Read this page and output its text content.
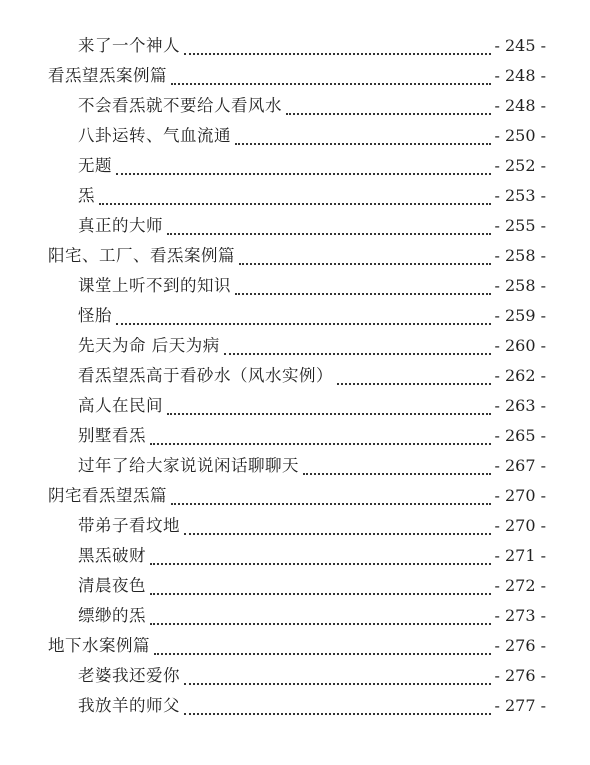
来了一个神人	- 245 -
看炁望炁案例篇	- 248 -
不会看炁就不要给人看风水	- 248 -
八卦运转、气血流通	- 250 -
无题	- 252 -
炁	- 253 -
真正的大师	- 255 -
阳宅、工厂、看炁案例篇	- 258 -
课堂上听不到的知识	- 258 -
怪胎	- 259 -
先天为命 后天为病	- 260 -
看炁望炁高于看砂水（风水实例）	- 262 -
高人在民间	- 263 -
别墅看炁	- 265 -
过年了给大家说说闲话聊聊天	- 267 -
阴宅看炁望炁篇	- 270 -
带弟子看坟地	- 270 -
黑炁破财	- 271 -
清晨夜色	- 272 -
缥缈的炁	- 273 -
地下水案例篇	- 276 -
老婆我还爱你	- 276 -
我放羊的师父	- 277 -
